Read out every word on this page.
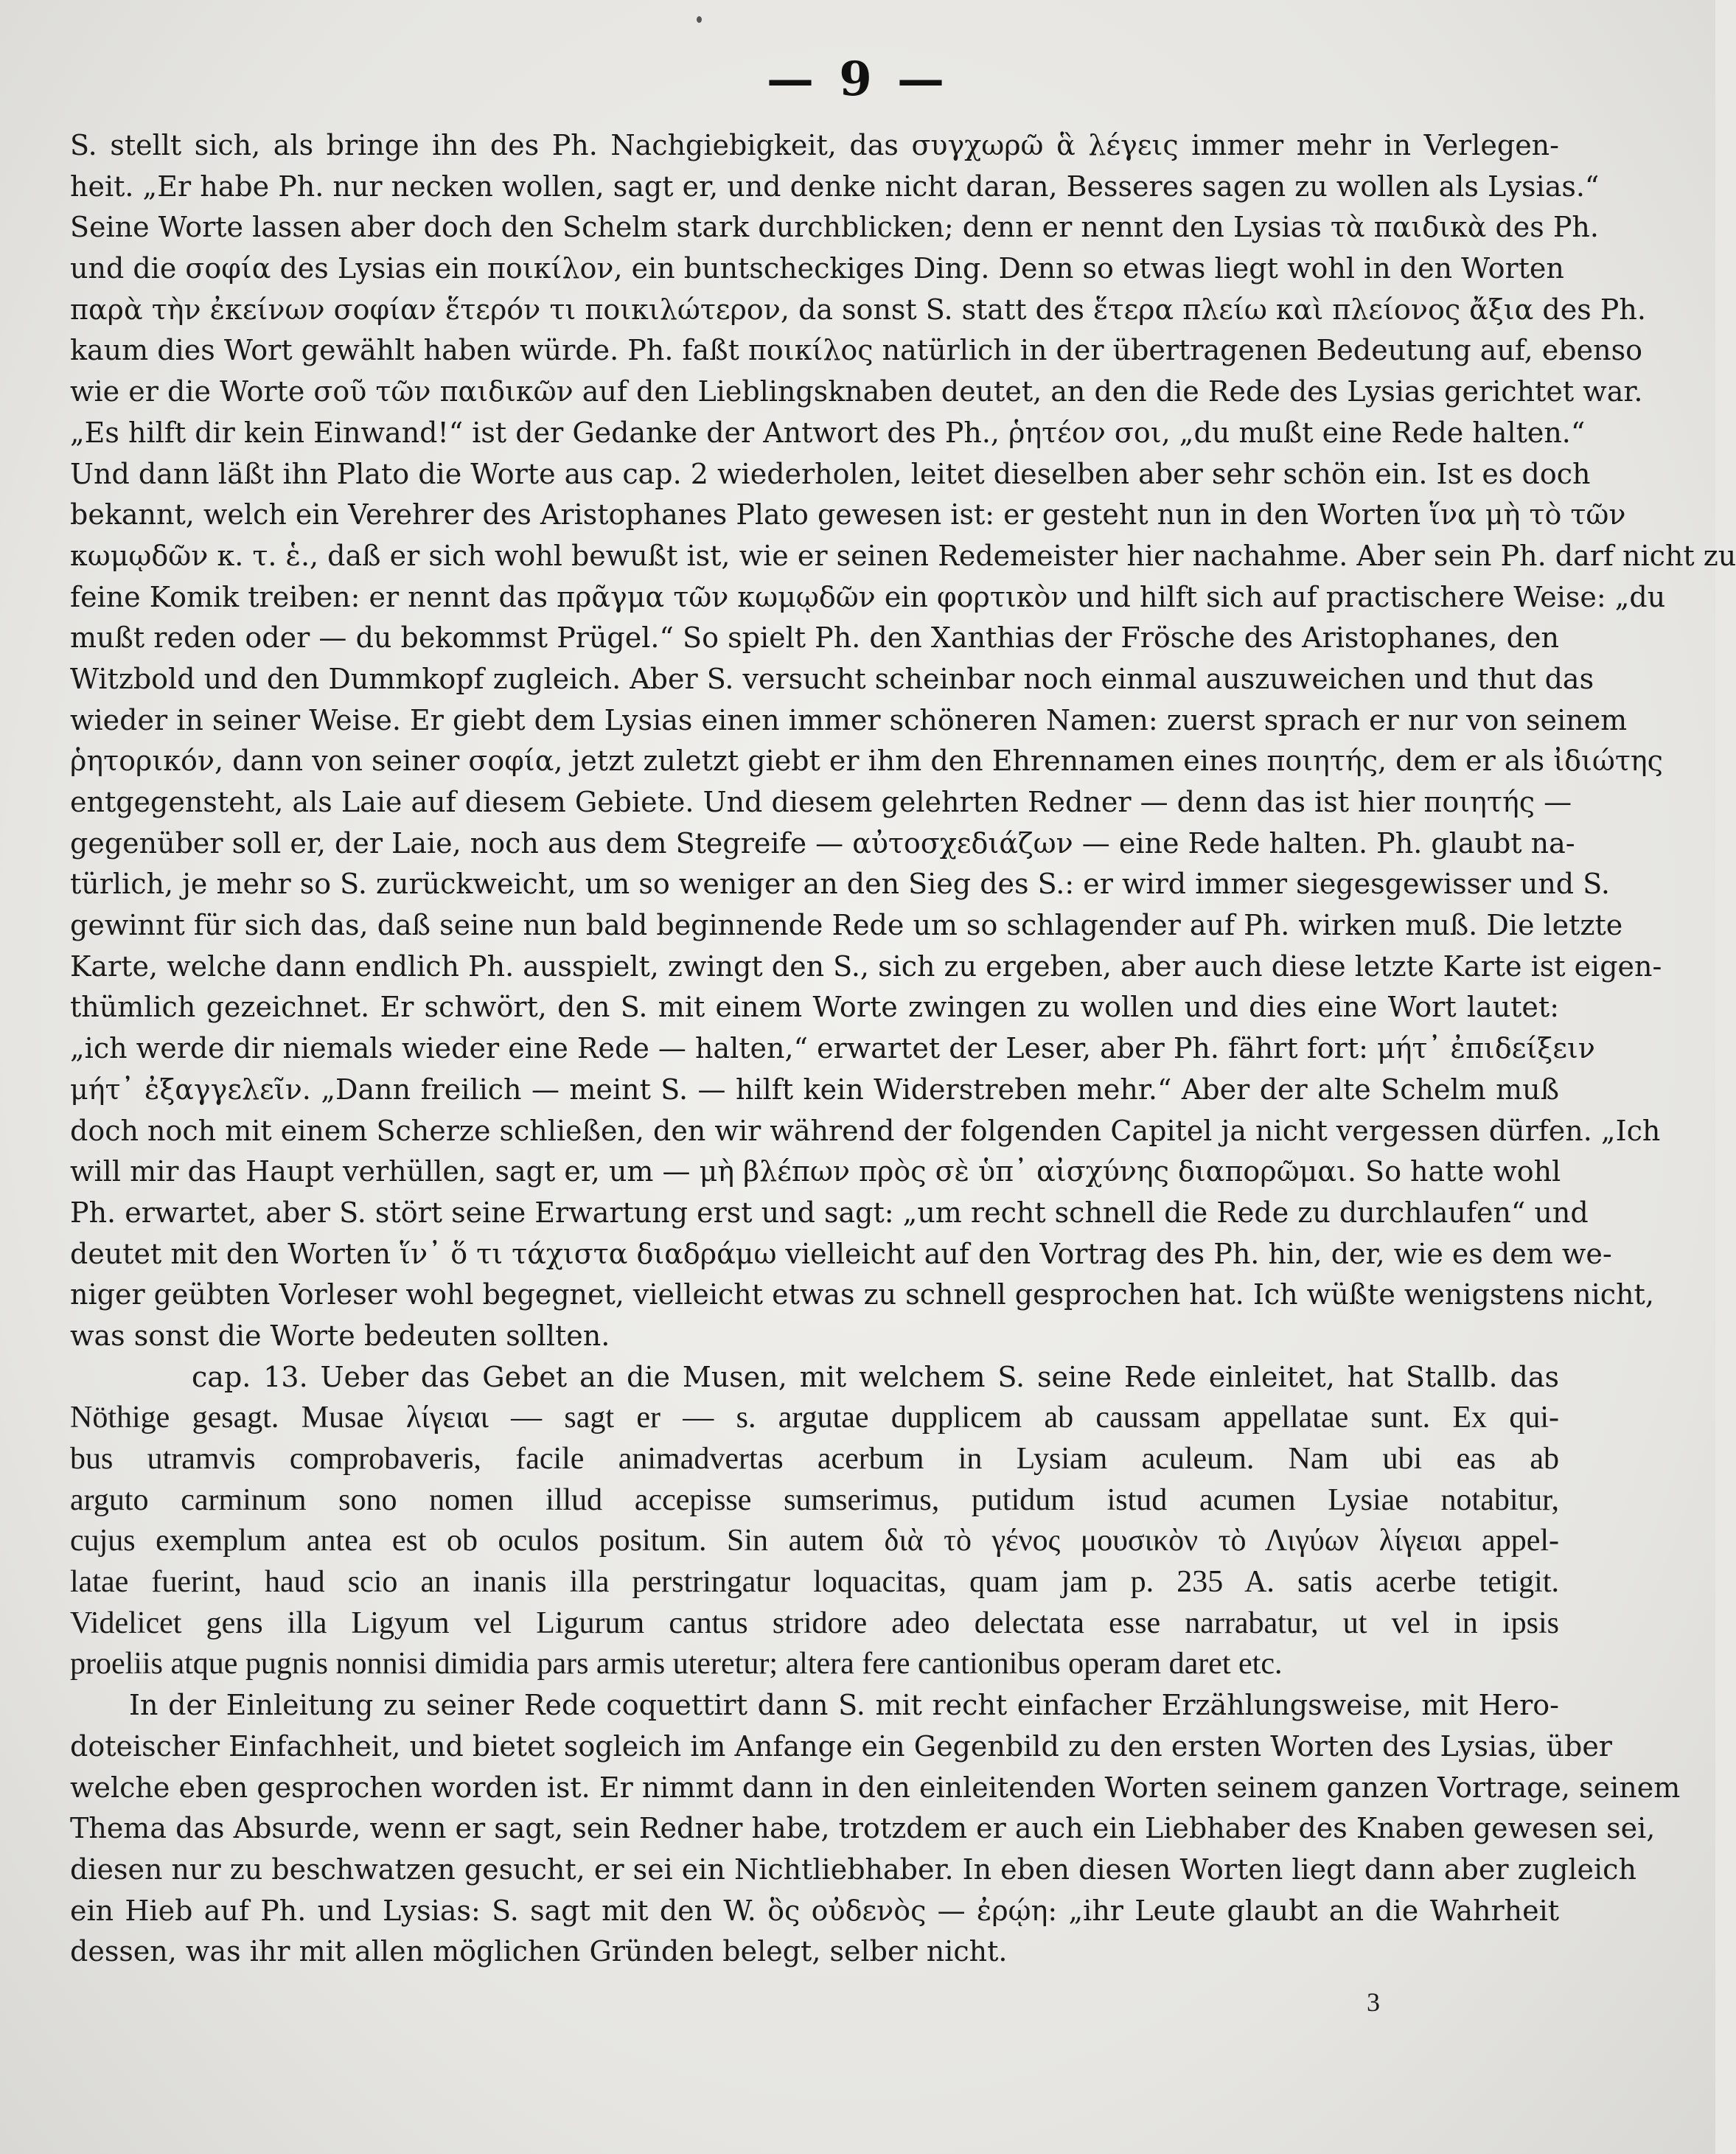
— 9 —
S. stellt sich, als bringe ihn des Ph. Nachgiebigkeit, das συγχωρῶ ἃ λέγεις immer mehr in Verlegen-
heit. „Er habe Ph. nur necken wollen, sagt er, und denke nicht daran, Besseres sagen zu wollen als Lysias.“
Seine Worte lassen aber doch den Schelm stark durchblicken; denn er nennt den Lysias τὰ παιδικὰ des Ph.
und die σοφία des Lysias ein ποικίλον, ein buntscheckiges Ding. Denn so etwas liegt wohl in den Worten
παρὰ τὴν ἐκείνων σοφίαν ἕτερόν τι ποικιλώτερον, da sonst S. statt des ἕτερα πλείω καὶ πλείονος ἄξια des Ph.
kaum dies Wort gewählt haben würde. Ph. faßt ποικίλος natürlich in der übertragenen Bedeutung auf, ebenso
wie er die Worte σοῦ τῶν παιδικῶν auf den Lieblingsknaben deutet, an den die Rede des Lysias gerichtet war.
„Es hilft dir kein Einwand!“ ist der Gedanke der Antwort des Ph., ῥητέον σοι, „du mußt eine Rede halten.“
Und dann läßt ihn Plato die Worte aus cap. 2 wiederholen, leitet dieselben aber sehr schön ein. Ist es doch
bekannt, welch ein Verehrer des Aristophanes Plato gewesen ist: er gesteht nun in den Worten ἵνα μὴ τὸ τῶν
κωμῳδῶν κ. τ. ἑ., daß er sich wohl bewußt ist, wie er seinen Redemeister hier nachahme. Aber sein Ph. darf nicht zu
feine Komik treiben: er nennt das πρᾶγμα τῶν κωμῳδῶν ein φορτικὸν und hilft sich auf practischere Weise: „du
mußt reden oder — du bekommst Prügel.“ So spielt Ph. den Xanthias der Frösche des Aristophanes, den
Witzbold und den Dummkopf zugleich. Aber S. versucht scheinbar noch einmal auszuweichen und thut das
wieder in seiner Weise. Er giebt dem Lysias einen immer schöneren Namen: zuerst sprach er nur von seinem
ῥητορικόν, dann von seiner σοφία, jetzt zuletzt giebt er ihm den Ehrennamen eines ποιητής, dem er als ἰδιώτης
entgegensteht, als Laie auf diesem Gebiete. Und diesem gelehrten Redner — denn das ist hier ποιητής —
gegenüber soll er, der Laie, noch aus dem Stegreife — αὐτοσχεδιάζων — eine Rede halten. Ph. glaubt na-
türlich, je mehr so S. zurückweicht, um so weniger an den Sieg des S.: er wird immer siegesgewisser und S.
gewinnt für sich das, daß seine nun bald beginnende Rede um so schlagender auf Ph. wirken muß. Die letzte
Karte, welche dann endlich Ph. ausspielt, zwingt den S., sich zu ergeben, aber auch diese letzte Karte ist eigen-
thümlich gezeichnet. Er schwört, den S. mit einem Worte zwingen zu wollen und dies eine Wort lautet:
„ich werde dir niemals wieder eine Rede — halten,“ erwartet der Leser, aber Ph. fährt fort: μήτ᾽ ἐπιδείξειν
μήτ᾽ ἐξαγγελεῖν. „Dann freilich — meint S. — hilft kein Widerstreben mehr.“ Aber der alte Schelm muß
doch noch mit einem Scherze schließen, den wir während der folgenden Capitel ja nicht vergessen dürfen. „Ich
will mir das Haupt verhüllen, sagt er, um — μὴ βλέπων πρὸς σὲ ὑπ᾽ αἰσχύνης διαπορῶμαι. So hatte wohl
Ph. erwartet, aber S. stört seine Erwartung erst und sagt: „um recht schnell die Rede zu durchlaufen“ und
deutet mit den Worten ἵν᾽ ὅ τι τάχιστα διαδράμω vielleicht auf den Vortrag des Ph. hin, der, wie es dem we-
niger geübten Vorleser wohl begegnet, vielleicht etwas zu schnell gesprochen hat. Ich wüßte wenigstens nicht,
was sonst die Worte bedeuten sollten.
cap. 13. Ueber das Gebet an die Musen, mit welchem S. seine Rede einleitet, hat Stallb. das
Nöthige gesagt. Musae λίγειαι — sagt er — s. argutae dupplicem ab caussam appellatae sunt. Ex qui-
bus utramvis comprobaveris, facile animadvertas acerbum in Lysiam aculeum. Nam ubi eas ab
arguto carminum sono nomen illud accepisse sumserimus, putidum istud acumen Lysiae notabitur,
cujus exemplum antea est ob oculos positum. Sin autem διὰ τὸ γένος μουσικὸν τὸ Λιγύων λίγειαι appel-
latae fuerint, haud scio an inanis illa perstringatur loquacitas, quam jam p. 235 A. satis acerbe tetigit.
Videlicet gens illa Ligyum vel Ligurum cantus stridore adeo delectata esse narrabatur, ut vel in ipsis
proeliis atque pugnis nonnisi dimidia pars armis uteretur; altera fere cantionibus operam daret etc.
In der Einleitung zu seiner Rede coquettirt dann S. mit recht einfacher Erzählungsweise, mit Hero-
doteischer Einfachheit, und bietet sogleich im Anfange ein Gegenbild zu den ersten Worten des Lysias, über
welche eben gesprochen worden ist. Er nimmt dann in den einleitenden Worten seinem ganzen Vortrage, seinem
Thema das Absurde, wenn er sagt, sein Redner habe, trotzdem er auch ein Liebhaber des Knaben gewesen sei,
diesen nur zu beschwatzen gesucht, er sei ein Nichtliebhaber. In eben diesen Worten liegt dann aber zugleich
ein Hieb auf Ph. und Lysias: S. sagt mit den W. ὃς οὐδενὸς — ἐρῴη: „ihr Leute glaubt an die Wahrheit
dessen, was ihr mit allen möglichen Gründen belegt, selber nicht.
3
